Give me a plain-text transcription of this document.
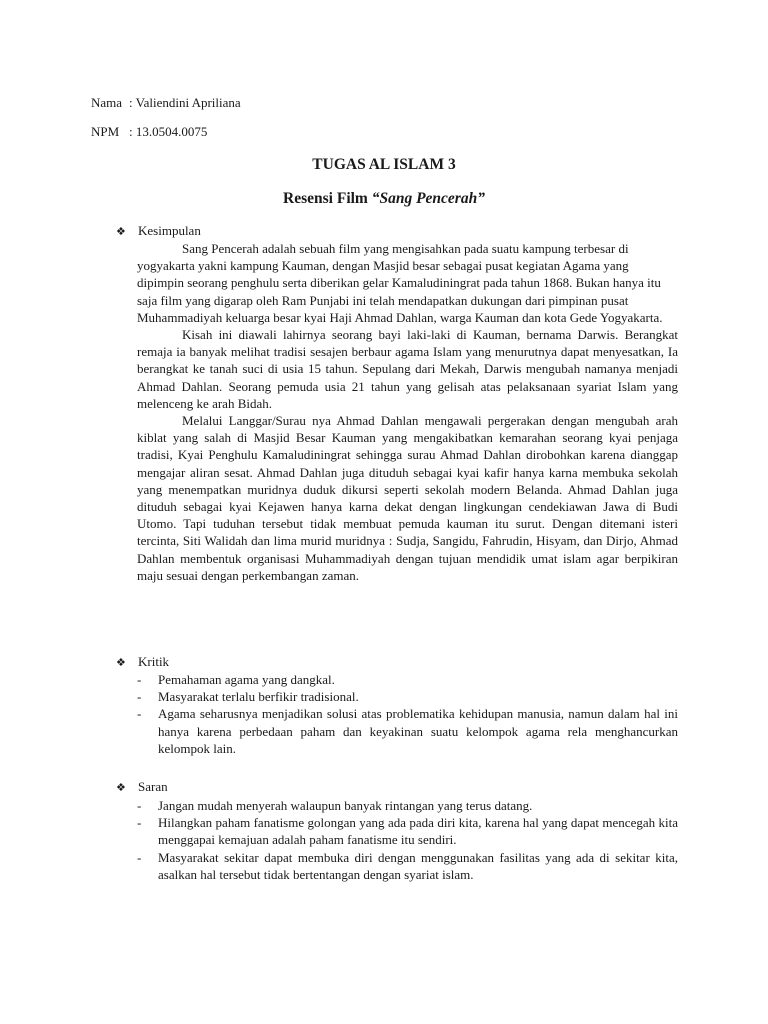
Nama : Valiendini Apriliana
NPM : 13.0504.0075
TUGAS AL ISLAM 3
Resensi Film “Sang Pencerah”
❖ Kesimpulan

Sang Pencerah adalah sebuah film yang mengisahkan pada suatu kampung terbesar di yogyakarta yakni kampung Kauman, dengan Masjid besar sebagai pusat kegiatan Agama yang dipimpin seorang penghulu serta diberikan gelar Kamaludiningrat pada tahun 1868. Bukan hanya itu saja film yang digarap oleh Ram Punjabi ini telah mendapatkan dukungan dari pimpinan pusat Muhammadiyah keluarga besar kyai Haji Ahmad Dahlan, warga Kauman dan kota Gede Yogyakarta.

Kisah ini diawali lahirnya seorang bayi laki-laki di Kauman, bernama Darwis. Berangkat remaja ia banyak melihat tradisi sesajen berbaur agama Islam yang menurutnya dapat menyesatkan, Ia berangkat ke tanah suci di usia 15 tahun. Sepulang dari Mekah, Darwis mengubah namanya menjadi Ahmad Dahlan. Seorang pemuda usia 21 tahun yang gelisah atas pelaksanaan syariat Islam yang melenceng ke arah Bidah.

Melalui Langgar/Surau nya Ahmad Dahlan mengawali pergerakan dengan mengubah arah kiblat yang salah di Masjid Besar Kauman yang mengakibatkan kemarahan seorang kyai penjaga tradisi, Kyai Penghulu Kamaludiningrat sehingga surau Ahmad Dahlan dirobohkan karena dianggap mengajar aliran sesat. Ahmad Dahlan juga dituduh sebagai kyai kafir hanya karna membuka sekolah yang menempatkan muridnya duduk dikursi seperti sekolah modern Belanda. Ahmad Dahlan juga dituduh sebagai kyai Kejawen hanya karna dekat dengan lingkungan cendekiawan Jawa di Budi Utomo. Tapi tuduhan tersebut tidak membuat pemuda kauman itu surut. Dengan ditemani isteri tercinta, Siti Walidah dan lima murid muridnya : Sudja, Sangidu, Fahrudin, Hisyam, dan Dirjo, Ahmad Dahlan membentuk organisasi Muhammadiyah dengan tujuan mendidik umat islam agar berpikiran maju sesuai dengan perkembangan zaman.

❖ Kritik
- Pemahaman agama yang dangkal.
- Masyarakat terlalu berfikir tradisional.
- Agama seharusnya menjadikan solusi atas problematika kehidupan manusia, namun dalam hal ini hanya karena perbedaan paham dan keyakinan suatu kelompok agama rela menghancurkan kelompok lain.
❖ Saran
- Jangan mudah menyerah walaupun banyak rintangan yang terus datang.
- Hilangkan paham fanatisme golongan yang ada pada diri kita, karena hal yang dapat mencegah kita menggapai kemajuan adalah paham fanatisme itu sendiri.
- Masyarakat sekitar dapat membuka diri dengan menggunakan fasilitas yang ada di sekitar kita, asalkan hal tersebut tidak bertentangan dengan syariat islam.
